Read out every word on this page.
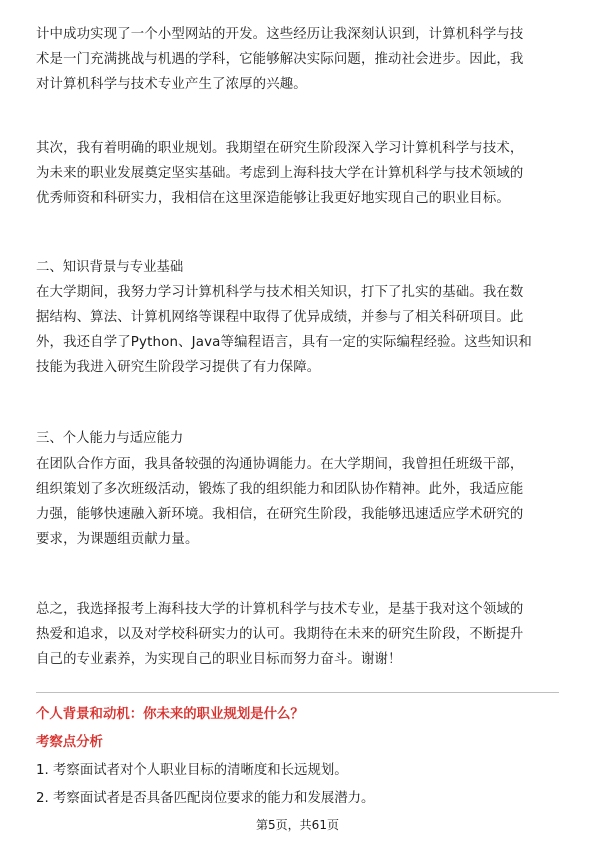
计中成功实现了一个小型网站的开发。这些经历让我深刻认识到，计算机科学与技
术是一门充满挑战与机遇的学科，它能够解决实际问题，推动社会进步。因此，我
对计算机科学与技术专业产生了浓厚的兴趣。

其次，我有着明确的职业规划。我期望在研究生阶段深入学习计算机科学与技术，
为未来的职业发展奠定坚实基础。考虑到上海科技大学在计算机科学与技术领域的
优秀师资和科研实力，我相信在这里深造能够让我更好地实现自己的职业目标。

二、知识背景与专业基础

在大学期间，我努力学习计算机科学与技术相关知识，打下了扎实的基础。我在数
据结构、算法、计算机网络等课程中取得了优异成绩，并参与了相关科研项目。此
外，我还自学了Python、Java等编程语言，具有一定的实际编程经验。这些知识和
技能为我进入研究生阶段学习提供了有力保障。

三、个人能力与适应能力

在团队合作方面，我具备较强的沟通协调能力。在大学期间，我曾担任班级干部，
组织策划了多次班级活动，锻炼了我的组织能力和团队协作精神。此外，我适应能
力强，能够快速融入新环境。我相信，在研究生阶段，我能够迅速适应学术研究的
要求，为课题组贡献力量。

总之，我选择报考上海科技大学的计算机科学与技术专业，是基于我对这个领域的
热爱和追求，以及对学校科研实力的认可。我期待在未来的研究生阶段，不断提升
自己的专业素养，为实现自己的职业目标而努力奋斗。谢谢！

个人背景和动机：你未来的职业规划是什么？

考察点分析

1. 考察面试者对个人职业目标的清晰度和长远规划。

2. 考察面试者是否具备匹配岗位要求的能力和发展潜力。

第5页，共61页
